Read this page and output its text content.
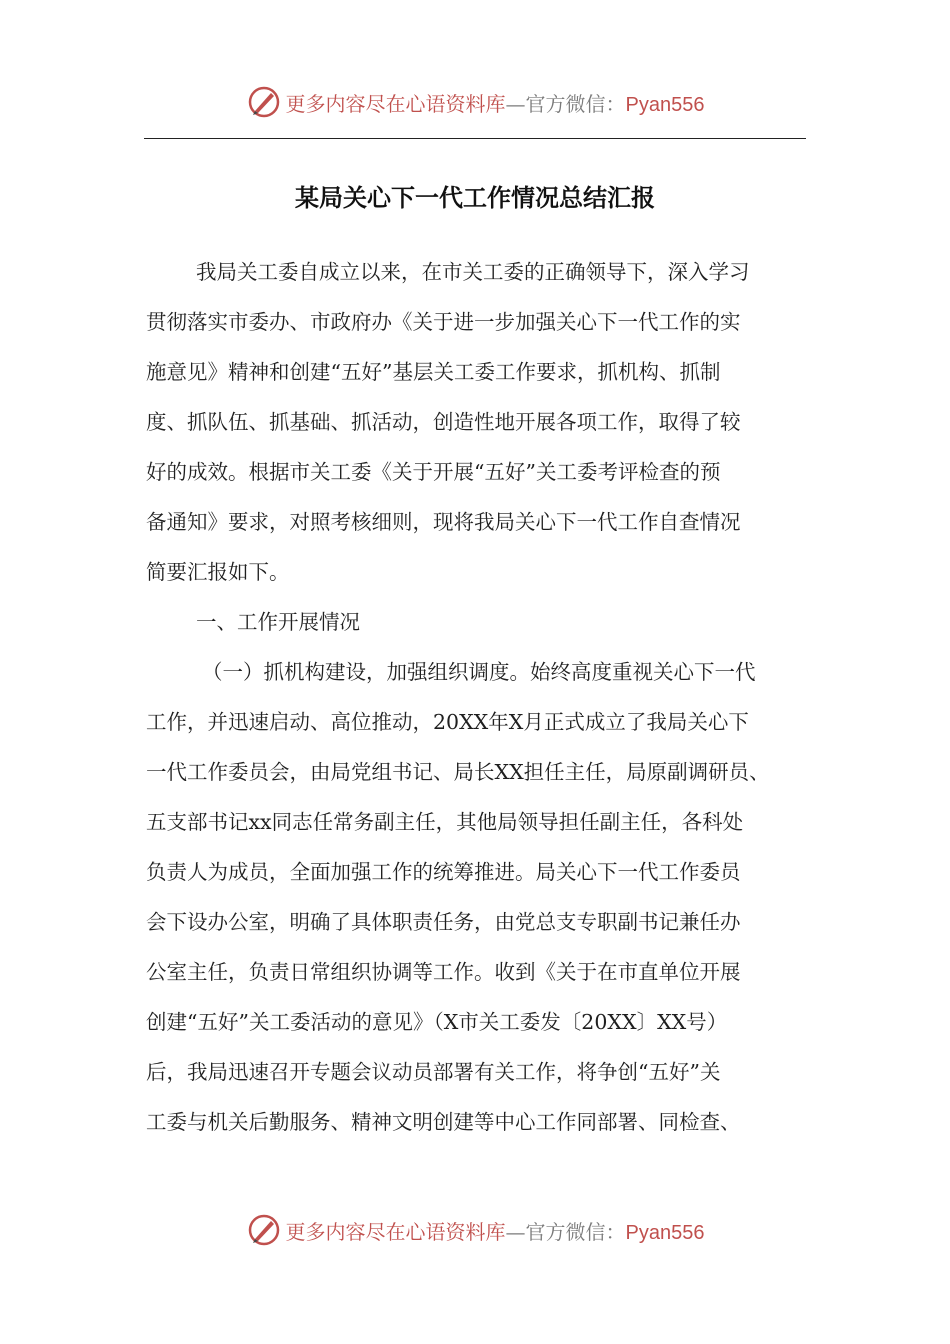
更多内容尽在心语资料库—官方微信：Pyan556
某局关心下一代工作情况总结汇报
我局关工委自成立以来，在市关工委的正确领导下，深入学习
贯彻落实市委办、市政府办《关于进一步加强关心下一代工作的实
施意见》精神和创建“五好”基层关工委工作要求，抓机构、抓制
度、抓队伍、抓基础、抓活动，创造性地开展各项工作，取得了较
好的成效。根据市关工委《关于开展“五好”关工委考评检查的预
备通知》要求，对照考核细则，现将我局关心下一代工作自查情况
简要汇报如下。
一、工作开展情况
（一）抓机构建设，加强组织调度。始终高度重视关心下一代
工作，并迅速启动、高位推动，20XX年X月正式成立了我局关心下
一代工作委员会，由局党组书记、局长XX担任主任，局原副调研员、
五支部书记xx同志任常务副主任，其他局领导担任副主任，各科处
负责人为成员，全面加强工作的统筹推进。局关心下一代工作委员
会下设办公室，明确了具体职责任务，由党总支专职副书记兼任办
公室主任，负责日常组织协调等工作。收到《关于在市直单位开展
创建“五好”关工委活动的意见》（X市关工委发〔20XX〕XX号）
后，我局迅速召开专题会议动员部署有关工作，将争创“五好”关
工委与机关后勤服务、精神文明创建等中心工作同部署、同检查、
更多内容尽在心语资料库—官方微信：Pyan556
